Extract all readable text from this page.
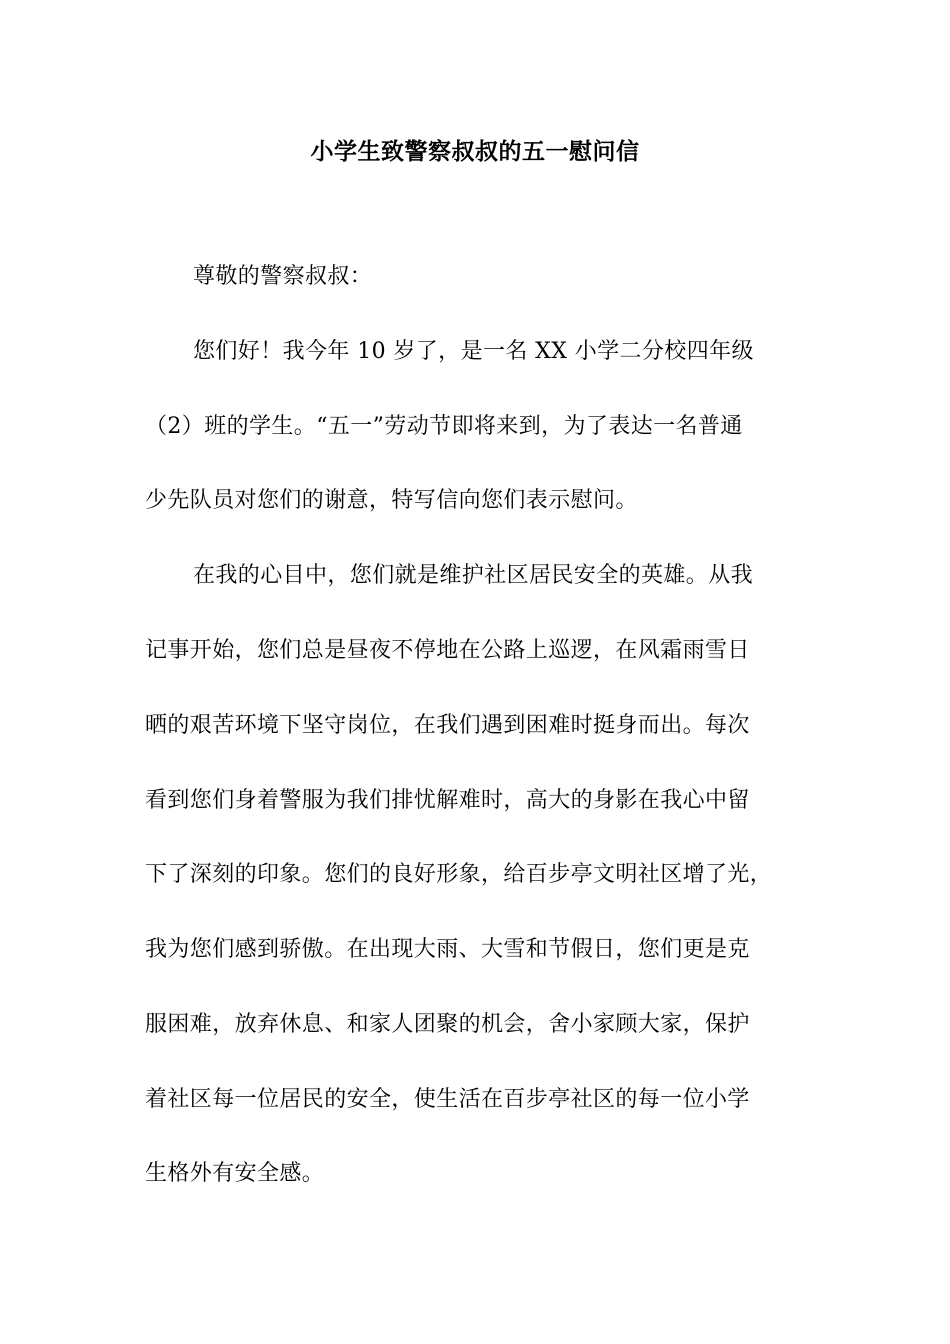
小学生致警察叔叔的五一慰问信
尊敬的警察叔叔：
您们好！我今年 10 岁了，是一名 XX 小学二分校四年级
（2）班的学生。“五一”劳动节即将来到，为了表达一名普通
少先队员对您们的谢意，特写信向您们表示慰问。
在我的心目中，您们就是维护社区居民安全的英雄。从我
记事开始，您们总是昼夜不停地在公路上巡逻，在风霜雨雪日
晒的艰苦环境下坚守岗位，在我们遇到困难时挺身而出。每次
看到您们身着警服为我们排忧解难时，高大的身影在我心中留
下了深刻的印象。您们的良好形象，给百步亭文明社区增了光，
我为您们感到骄傲。在出现大雨、大雪和节假日，您们更是克
服困难，放弃休息、和家人团聚的机会，舍小家顾大家，保护
着社区每一位居民的安全，使生活在百步亭社区的每一位小学
生格外有安全感。
